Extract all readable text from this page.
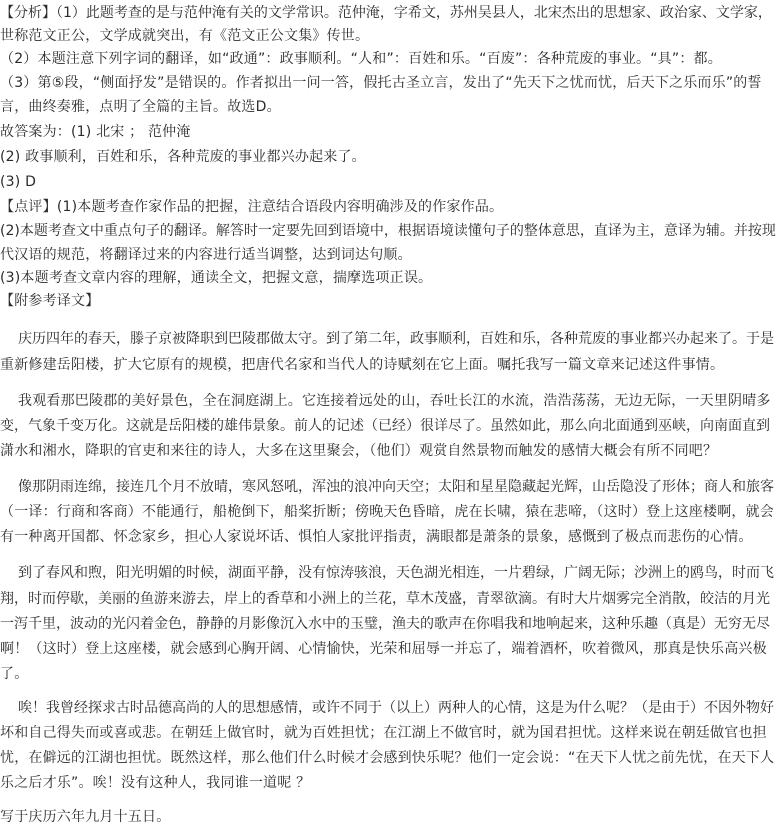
【分析】（1）此题考查的是与范仲淹有关的文学常识。范仲淹，字希文，苏州吴县人，北宋杰出的思想家、政治家、文学家，
世称范文正公，文学成就突出，有《范文正公文集》传世。
（2）本题注意下列字词的翻译，如“政通”：政事顺利。“人和”：百姓和乐。“百废”：各种荒废的事业。“具”：都。
（3）第⑤段，“侧面抒发”是错误的。作者拟出一问一答，假托古圣立言，发出了“先天下之忧而忧，后天下之乐而乐”的誓
言，曲终奏雅，点明了全篇的主旨。故选D。
故答案为：(1) 北宋 ； 范仲淹
(2) 政事顺利，百姓和乐，各种荒废的事业都兴办起来了。
(3) D
【点评】(1)本题考查作家作品的把握，注意结合语段内容明确涉及的作家作品。
(2)本题考查文中重点句子的翻译。解答时一定要先回到语境中，根据语境读懂句子的整体意思，直译为主，意译为辅。并按现
代汉语的规范，将翻译过来的内容进行适当调整，达到词达句顺。
(3)本题考查文章内容的理解，通读全文，把握文意，揣摩选项正误。
【附参考译文】
庆历四年的春天，滕子京被降职到巴陵郡做太守。到了第二年，政事顺利，百姓和乐，各种荒废的事业都兴办起来了。于是
重新修建岳阳楼，扩大它原有的规模，把唐代名家和当代人的诗赋刻在它上面。嘱托我写一篇文章来记述这件事情。
我观看那巴陵郡的美好景色，全在洞庭湖上。它连接着远处的山，吞吐长江的水流，浩浩荡荡，无边无际，一天里阴晴多
变，气象千变万化。这就是岳阳楼的雄伟景象。前人的记述（已经）很详尽了。虽然如此，那么向北面通到巫峡，向南面直到
潇水和湘水，降职的官吏和来往的诗人，大多在这里聚会，（他们）观赏自然景物而触发的感情大概会有所不同吧？
像那阴雨连绵，接连几个月不放晴，寒风怒吼，浑浊的浪冲向天空；太阳和星星隐藏起光辉，山岳隐没了形体；商人和旅客
（一译：行商和客商）不能通行，船桅倒下，船桨折断；傍晚天色昏暗，虎在长啸，猿在悲啼，（这时）登上这座楼啊，就会
有一种离开国都、怀念家乡，担心人家说坏话、惧怕人家批评指责，满眼都是萧条的景象，感慨到了极点而悲伤的心情。
到了春风和煦，阳光明媚的时候，湖面平静，没有惊涛骇浪，天色湖光相连，一片碧绿，广阔无际；沙洲上的鸥鸟，时而飞
翔，时而停歇，美丽的鱼游来游去，岸上的香草和小洲上的兰花，草木茂盛，青翠欲滴。有时大片烟雾完全消散，皎洁的月光
一泻千里，波动的光闪着金色，静静的月影像沉入水中的玉璧，渔夫的歌声在你唱我和地响起来，这种乐趣（真是）无穷无尽
啊！（这时）登上这座楼，就会感到心胸开阔、心情愉快，光荣和屈辱一并忘了，端着酒杯，吹着微风，那真是快乐高兴极
了。
唉！我曾经探求古时品德高尚的人的思想感情，或许不同于（以上）两种人的心情，这是为什么呢？（是由于）不因外物好
坏和自己得失而或喜或悲。在朝廷上做官时，就为百姓担忧；在江湖上不做官时，就为国君担忧。这样来说在朝廷做官也担
忧，在僻远的江湖也担忧。既然这样，那么他们什么时候才会感到快乐呢？他们一定会说：“在天下人忧之前先忧，在天下人
乐之后才乐”。唉！没有这种人，我同谁一道呢 ？
写于庆历六年九月十五日。
